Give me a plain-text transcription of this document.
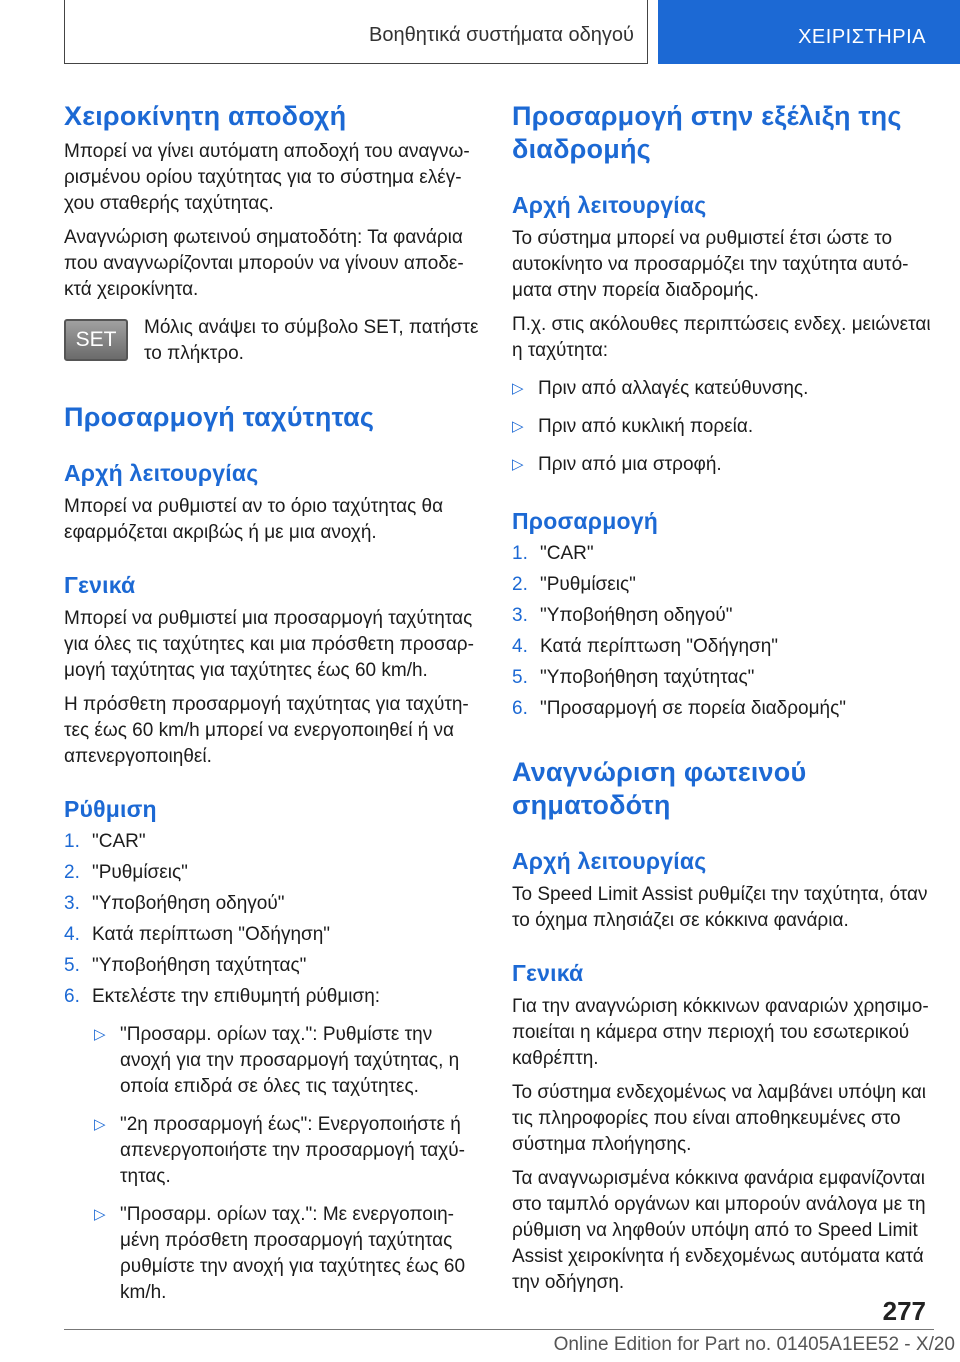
Βοηθητικά συστήματα οδηγού	ΧΕΙΡΙΣΤΗΡΙΑ
Χειροκίνητη αποδοχή

Μπορεί να γίνει αυτόματη αποδοχή του αναγνωρισμένου ορίου ταχύτητας για το σύστημα ελέγχου σταθερής ταχύτητας.

Αναγνώριση φωτεινού σηματοδότη: Τα φανάρια που αναγνωρίζονται μπορούν να γίνουν αποδεκτά χειροκίνητα.

SET

Μόλις ανάψει το σύμβολο SET, πατήστε το πλήκτρο.

Προσαρμογή ταχύτητας
Αρχή λειτουργίας

Μπορεί να ρυθμιστεί αν το όριο ταχύτητας θα εφαρμόζεται ακριβώς ή με μια ανοχή.

Γενικά

Μπορεί να ρυθμιστεί μια προσαρμογή ταχύτητας για όλες τις ταχύτητες και μια πρόσθετη προσαρμογή ταχύτητας για ταχύτητες έως 60 km/h.

Η πρόσθετη προσαρμογή ταχύτητας για ταχύτητες έως 60 km/h μπορεί να ενεργοποιηθεί ή να απενεργοποιηθεί.

Ρύθμιση
1. "CAR"
2. "Ρυθμίσεις"
3. "Υποβοήθηση οδηγού"
4. Κατά περίπτωση "Οδήγηση"
5. "Υποβοήθηση ταχύτητας"
6. Εκτελέστε την επιθυμητή ρύθμιση:
▷ "Προσαρμ. ορίων ταχ.": Ρυθμίστε την ανοχή για την προσαρμογή ταχύτητας, η οποία επιδρά σε όλες τις ταχύτητες.
▷ "2η προσαρμογή έως": Ενεργοποιήστε ή απενεργοποιήστε την προσαρμογή ταχύτητας.
▷ "Προσαρμ. ορίων ταχ.": Με ενεργοποιημένη πρόσθετη προσαρμογή ταχύτητας ρυθμίστε την ανοχή για ταχύτητες έως 60 km/h.
Προσαρμογή στην εξέλιξη της διαδρομής
Αρχή λειτουργίας

Το σύστημα μπορεί να ρυθμιστεί έτσι ώστε το αυτοκίνητο να προσαρμόζει την ταχύτητα αυτόματα στην πορεία διαδρομής.

Π.χ. στις ακόλουθες περιπτώσεις ενδεχ. μειώνεται η ταχύτητα:

▷ Πριν από αλλαγές κατεύθυνσης.
▷ Πριν από κυκλική πορεία.
▷ Πριν από μια στροφή.
Προσαρμογή
1. "CAR"
2. "Ρυθμίσεις"
3. "Υποβοήθηση οδηγού"
4. Κατά περίπτωση "Οδήγηση"
5. "Υποβοήθηση ταχύτητας"
6. "Προσαρμογή σε πορεία διαδρομής"
Αναγνώριση φωτεινού σηματοδότη
Αρχή λειτουργίας

Το Speed Limit Assist ρυθμίζει την ταχύτητα, όταν το όχημα πλησιάζει σε κόκκινα φανάρια.

Γενικά

Για την αναγνώριση κόκκινων φαναριών χρησιμοποιείται η κάμερα στην περιοχή του εσωτερικού καθρέπτη.

Το σύστημα ενδεχομένως να λαμβάνει υπόψη και τις πληροφορίες που είναι αποθηκευμένες στο σύστημα πλοήγησης.

Τα αναγνωρισμένα κόκκινα φανάρια εμφανίζονται στο ταμπλό οργάνων και μπορούν ανάλογα με τη ρύθμιση να ληφθούν υπόψη από το Speed Limit Assist χειροκίνητα ή ενδεχομένως αυτόματα κατά την οδήγηση.

277
Online Edition for Part no. 01405A1EE52 - X/20
